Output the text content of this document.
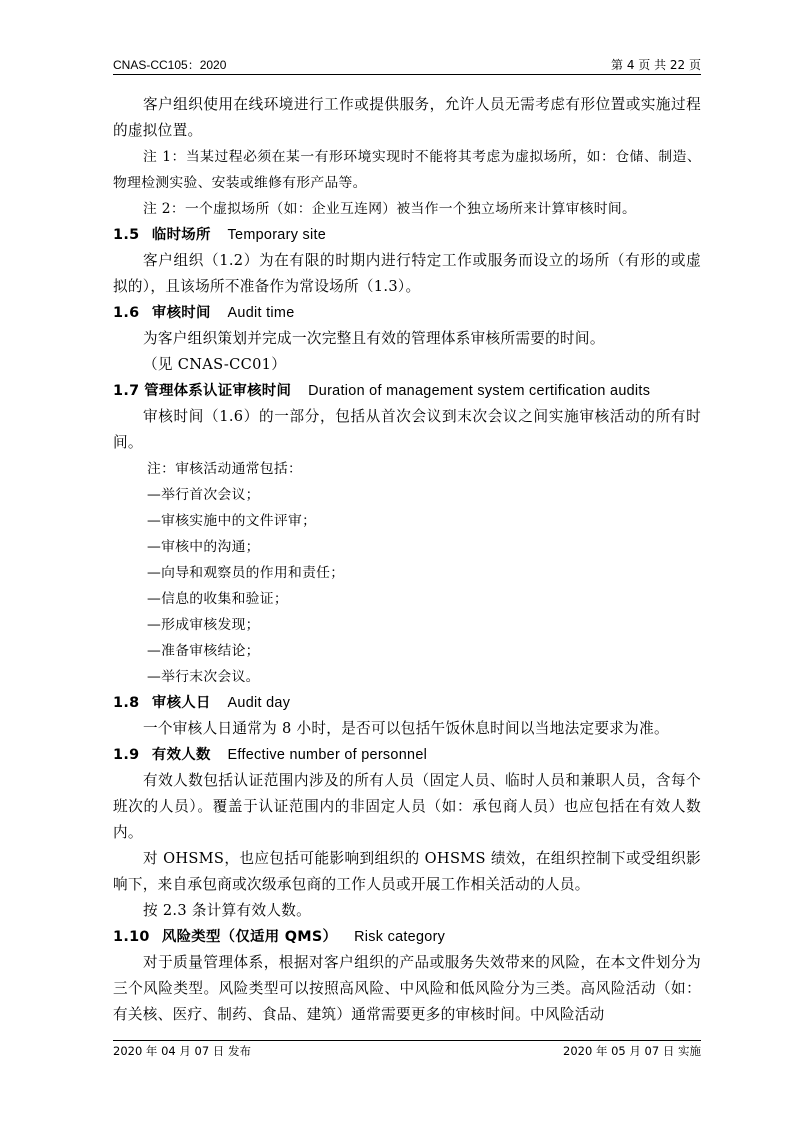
CNAS-CC105：2020	第 4 页 共 22 页

客户组织使用在线环境进行工作或提供服务，允许人员无需考虑有形位置或实施过程的虚拟位置。

注 1：当某过程必须在某一有形环境实现时不能将其考虑为虚拟场所，如：仓储、制造、物理检测实验、安装或维修有形产品等。

注 2：一个虚拟场所（如：企业互连网）被当作一个独立场所来计算审核时间。

1.5 临时场所 Temporary site

客户组织（1.2）为在有限的时期内进行特定工作或服务而设立的场所（有形的或虚拟的），且该场所不准备作为常设场所（1.3）。

1.6 审核时间 Audit time

为客户组织策划并完成一次完整且有效的管理体系审核所需要的时间。

（见 CNAS-CC01）

1.7 管理体系认证审核时间 Duration of management system certification audits

审核时间（1.6）的一部分，包括从首次会议到末次会议之间实施审核活动的所有时间。

注：审核活动通常包括：

—举行首次会议；

—审核实施中的文件评审；

—审核中的沟通；

—向导和观察员的作用和责任；

—信息的收集和验证；

—形成审核发现；

—准备审核结论；

—举行末次会议。

1.8 审核人日 Audit day

一个审核人日通常为 8 小时，是否可以包括午饭休息时间以当地法定要求为准。

1.9 有效人数 Effective number of personnel

有效人数包括认证范围内涉及的所有人员（固定人员、临时人员和兼职人员，含每个班次的人员）。覆盖于认证范围内的非固定人员（如：承包商人员）也应包括在有效人数内。

对 OHSMS，也应包括可能影响到组织的 OHSMS 绩效，在组织控制下或受组织影响下，来自承包商或次级承包商的工作人员或开展工作相关活动的人员。

按 2.3 条计算有效人数。

1.10 风险类型（仅适用 QMS） Risk category

对于质量管理体系，根据对客户组织的产品或服务失效带来的风险，在本文件划分为三个风险类型。风险类型可以按照高风险、中风险和低风险分为三类。高风险活动（如：有关核、医疗、制药、食品、建筑）通常需要更多的审核时间。中风险活动

2020 年 04 月 07 日 发布	2020 年 05 月 07 日 实施
